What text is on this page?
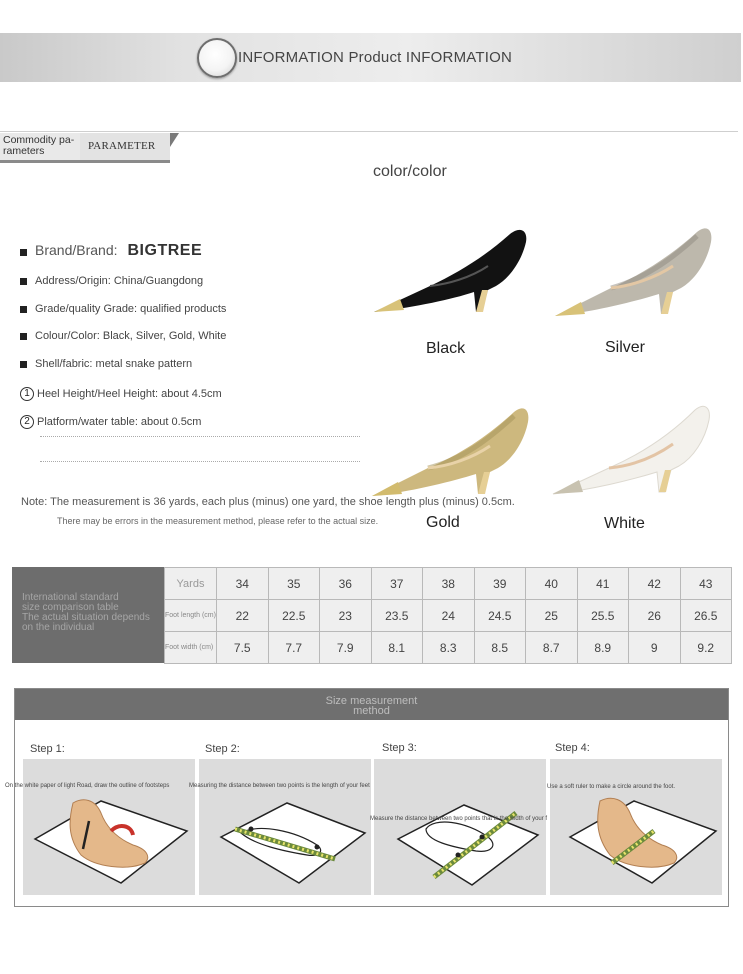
INFORMATION Product INFORMATION
Commodity pa-
rameters	PARAMETER
color/color
Brand/Brand: BIGTREE
Address/Origin: China/Guangdong
Grade/quality Grade: qualified products
Colour/Color: Black, Silver, Gold, White
Shell/fabric: metal snake pattern
1 Heel Height/Heel Height: about 4.5cm
2 Platform/water table: about 0.5cm
Note: The measurement is 36 yards, each plus (minus) one yard, the shoe length plus (minus) 0.5cm.
There may be errors in the measurement method, please refer to the actual size.
Black	Silver
Gold	White
International standard
size comparison table
The actual situation depends
on the individual
Yards	34	35	36	37	38	39	40	41	42	43
Foot length (cm)	22	22.5	23	23.5	24	24.5	25	25.5	26	26.5
Foot width (cm)	7.5	7.7	7.9	8.1	8.3	8.5	8.7	8.9	9	9.2
Size measurement
method
Step 1:	Step 2:	Step 3:	Step 4:
On the white paper of light Road, draw the outline of footsteps	Measuring the distance between two points is the length of your feet
Measure the distance between two points that is the width of your f
Use a soft ruler to make a circle around the foot.
